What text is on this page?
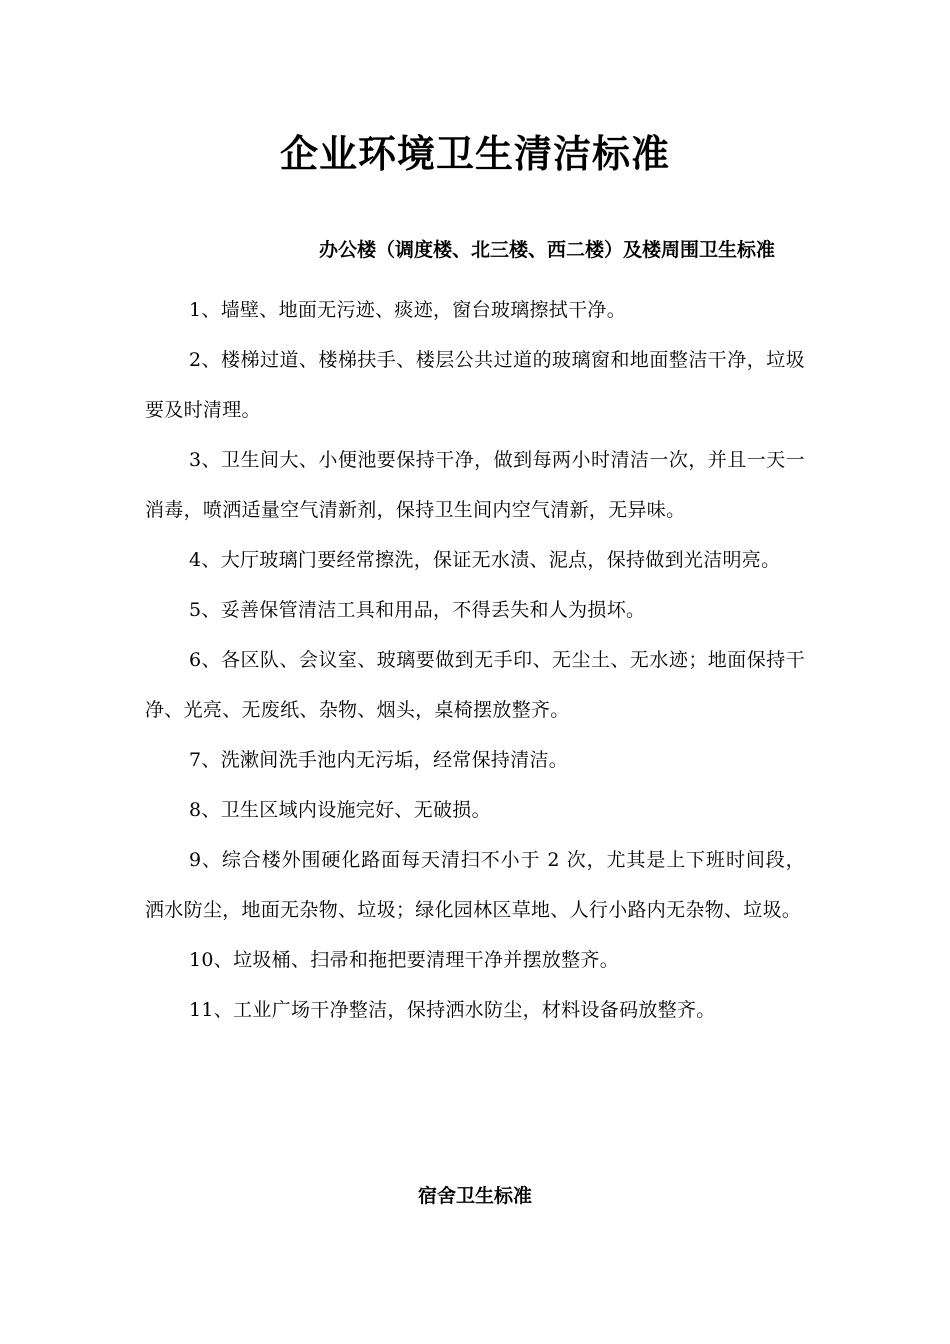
企业环境卫生清洁标准
办公楼（调度楼、北三楼、西二楼）及楼周围卫生标准

1、墙壁、地面无污迹、痰迹，窗台玻璃擦拭干净。

2、楼梯过道、楼梯扶手、楼层公共过道的玻璃窗和地面整洁干净，垃圾要及时清理。

3、卫生间大、小便池要保持干净，做到每两小时清洁一次，并且一天一消毒，喷洒适量空气清新剂，保持卫生间内空气清新，无异味。

4、大厅玻璃门要经常擦洗，保证无水渍、泥点，保持做到光洁明亮。

5、妥善保管清洁工具和用品，不得丢失和人为损坏。

6、各区队、会议室、玻璃要做到无手印、无尘土、无水迹；地面保持干净、光亮、无废纸、杂物、烟头，桌椅摆放整齐。

7、洗漱间洗手池内无污垢，经常保持清洁。

8、卫生区域内设施完好、无破损。

9、综合楼外围硬化路面每天清扫不小于 2 次，尤其是上下班时间段，洒水防尘，地面无杂物、垃圾；绿化园林区草地、人行小路内无杂物、垃圾。

10、垃圾桶、扫帚和拖把要清理干净并摆放整齐。

11、工业广场干净整洁，保持洒水防尘，材料设备码放整齐。

宿舍卫生标准
